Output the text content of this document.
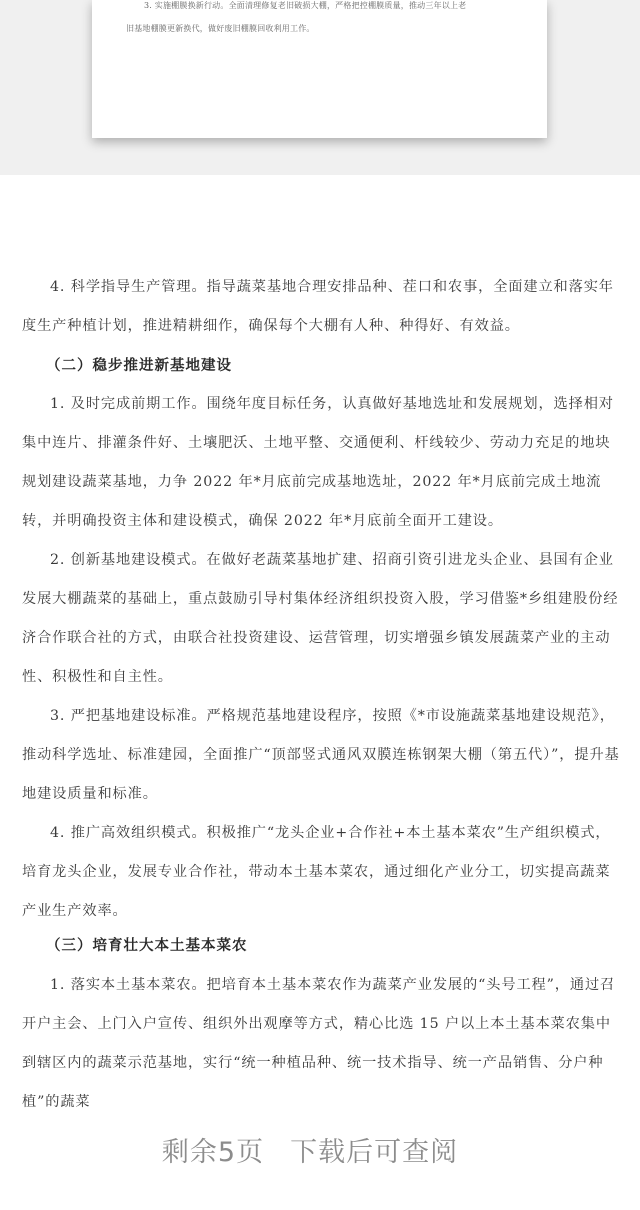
3. 实施棚膜换新行动。全面清理修复老旧破损大棚，严格把控棚膜质量，推动三年以上老
旧基地棚膜更新换代，做好废旧棚膜回收利用工作。

4. 科学指导生产管理。指导蔬菜基地合理安排品种、茬口和农事，全面建立和落实年度生产种植计划，推进精耕细作，确保每个大棚有人种、种得好、有效益。

（二）稳步推进新基地建设

1. 及时完成前期工作。围绕年度目标任务，认真做好基地选址和发展规划，选择相对集中连片、排灌条件好、土壤肥沃、土地平整、交通便利、杆线较少、劳动力充足的地块规划建设蔬菜基地，力争 2022 年*月底前完成基地选址，2022 年*月底前完成土地流转，并明确投资主体和建设模式，确保 2022 年*月底前全面开工建设。

2. 创新基地建设模式。在做好老蔬菜基地扩建、招商引资引进龙头企业、县国有企业发展大棚蔬菜的基础上，重点鼓励引导村集体经济组织投资入股，学习借鉴*乡组建股份经济合作联合社的方式，由联合社投资建设、运营管理，切实增强乡镇发展蔬菜产业的主动性、积极性和自主性。

3. 严把基地建设标准。严格规范基地建设程序，按照《*市设施蔬菜基地建设规范》，推动科学选址、标准建园，全面推广“顶部竖式通风双膜连栋钢架大棚（第五代）”，提升基地建设质量和标准。

4. 推广高效组织模式。积极推广“龙头企业+合作社+本土基本菜农”生产组织模式，培育龙头企业，发展专业合作社，带动本土基本菜农，通过细化产业分工，切实提高蔬菜产业生产效率。

（三）培育壮大本土基本菜农

1. 落实本土基本菜农。把培育本土基本菜农作为蔬菜产业发展的“头号工程”，通过召开户主会、上门入户宣传、组织外出观摩等方式，精心比选 15 户以上本土基本菜农集中到辖区内的蔬菜示范基地，实行“统一种植品种、统一技术指导、统一产品销售、分户种植”的蔬菜

剩余5页 下载后可查阅
